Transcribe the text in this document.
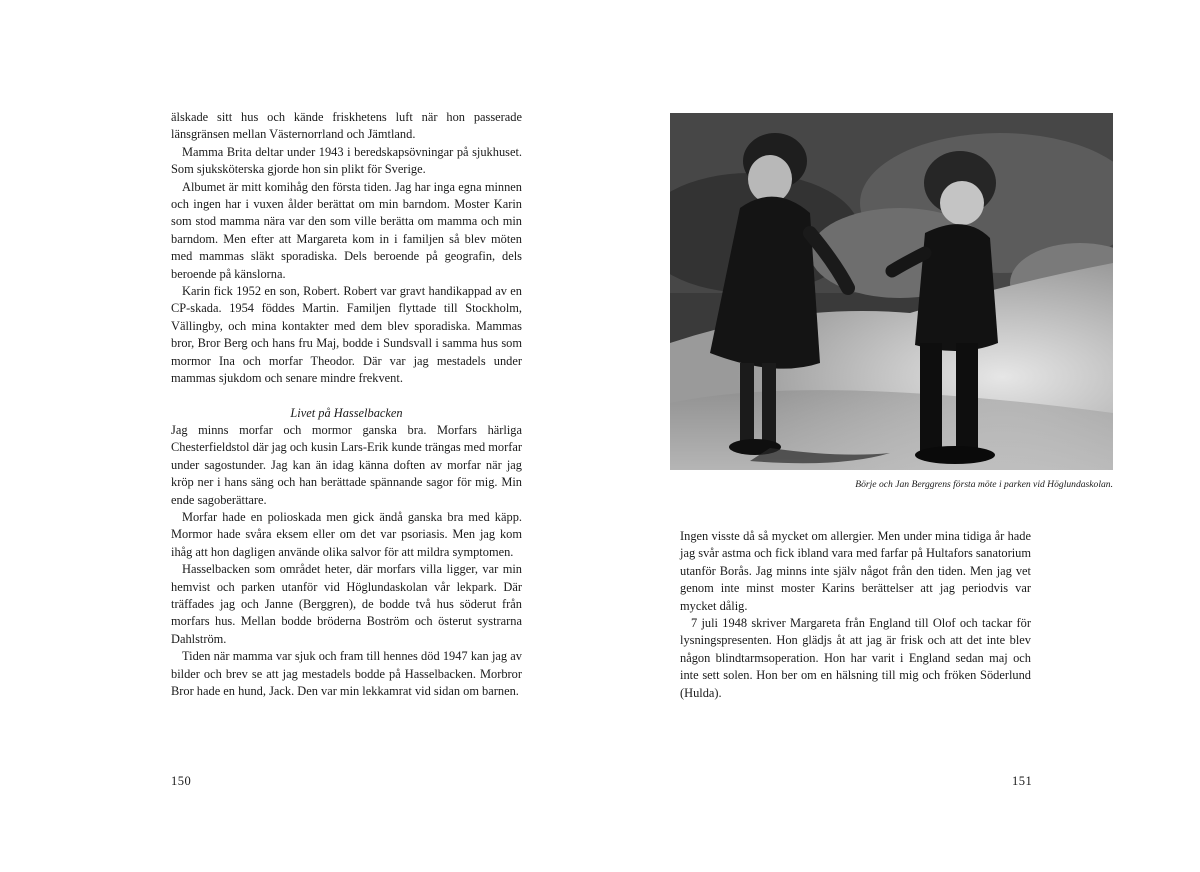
älskade sitt hus och kände friskhetens luft när hon passerade länsgränsen mellan Västernorrland och Jämtland.

Mamma Brita deltar under 1943 i beredskapsövningar på sjukhuset. Som sjuksköterska gjorde hon sin plikt för Sverige.

Albumet är mitt komihåg den första tiden. Jag har inga egna minnen och ingen har i vuxen ålder berättat om min barndom. Moster Karin som stod mamma nära var den som ville berätta om mamma och min barndom. Men efter att Margareta kom in i familjen så blev möten med mammas släkt sporadiska. Dels beroende på geografin, dels beroende på känslorna.

Karin fick 1952 en son, Robert. Robert var gravt handikappad av en CP-skada. 1954 föddes Martin. Familjen flyttade till Stockholm, Vällingby, och mina kontakter med dem blev sporadiska. Mammas bror, Bror Berg och hans fru Maj, bodde i Sundsvall i samma hus som mormor Ina och morfar Theodor. Där var jag mestadels under mammas sjukdom och senare mindre frekvent.

Livet på Hasselbacken

Jag minns morfar och mormor ganska bra. Morfars härliga Chesterfieldstol där jag och kusin Lars-Erik kunde trängas med morfar under sagostunder. Jag kan än idag känna doften av morfar när jag kröp ner i hans säng och han berättade spännande sagor för mig. Min ende sagoberättare.

Morfar hade en polioskada men gick ändå ganska bra med käpp. Mormor hade svåra eksem eller om det var psoriasis. Men jag kom ihåg att hon dagligen använde olika salvor för att mildra symptomen.

Hasselbacken som området heter, där morfars villa ligger, var min hemvist och parken utanför vid Höglundaskolan vår lekpark. Där träffades jag och Janne (Berggren), de bodde två hus söderut från morfars hus. Mellan bodde bröderna Boström och österut systrarna Dahlström.

Tiden när mamma var sjuk och fram till hennes död 1947 kan jag av bilder och brev se att jag mestadels bodde på Hasselbacken. Morbror Bror hade en hund, Jack. Den var min lekkamrat vid sidan om barnen.

150
Börje och Jan Berggrens första möte i parken vid Höglundaskolan.

Ingen visste då så mycket om allergier. Men under mina tidiga år hade jag svår astma och fick ibland vara med farfar på Hultafors sanatorium utanför Borås. Jag minns inte själv något från den tiden. Men jag vet genom inte minst moster Karins berättelser att jag periodvis var mycket dålig.

7 juli 1948 skriver Margareta från England till Olof och tackar för lysningspresenten. Hon glädjs åt att jag är frisk och att det inte blev någon blindtarmsoperation. Hon har varit i England sedan maj och inte sett solen. Hon ber om en hälsning till mig och fröken Söderlund (Hulda).

151
